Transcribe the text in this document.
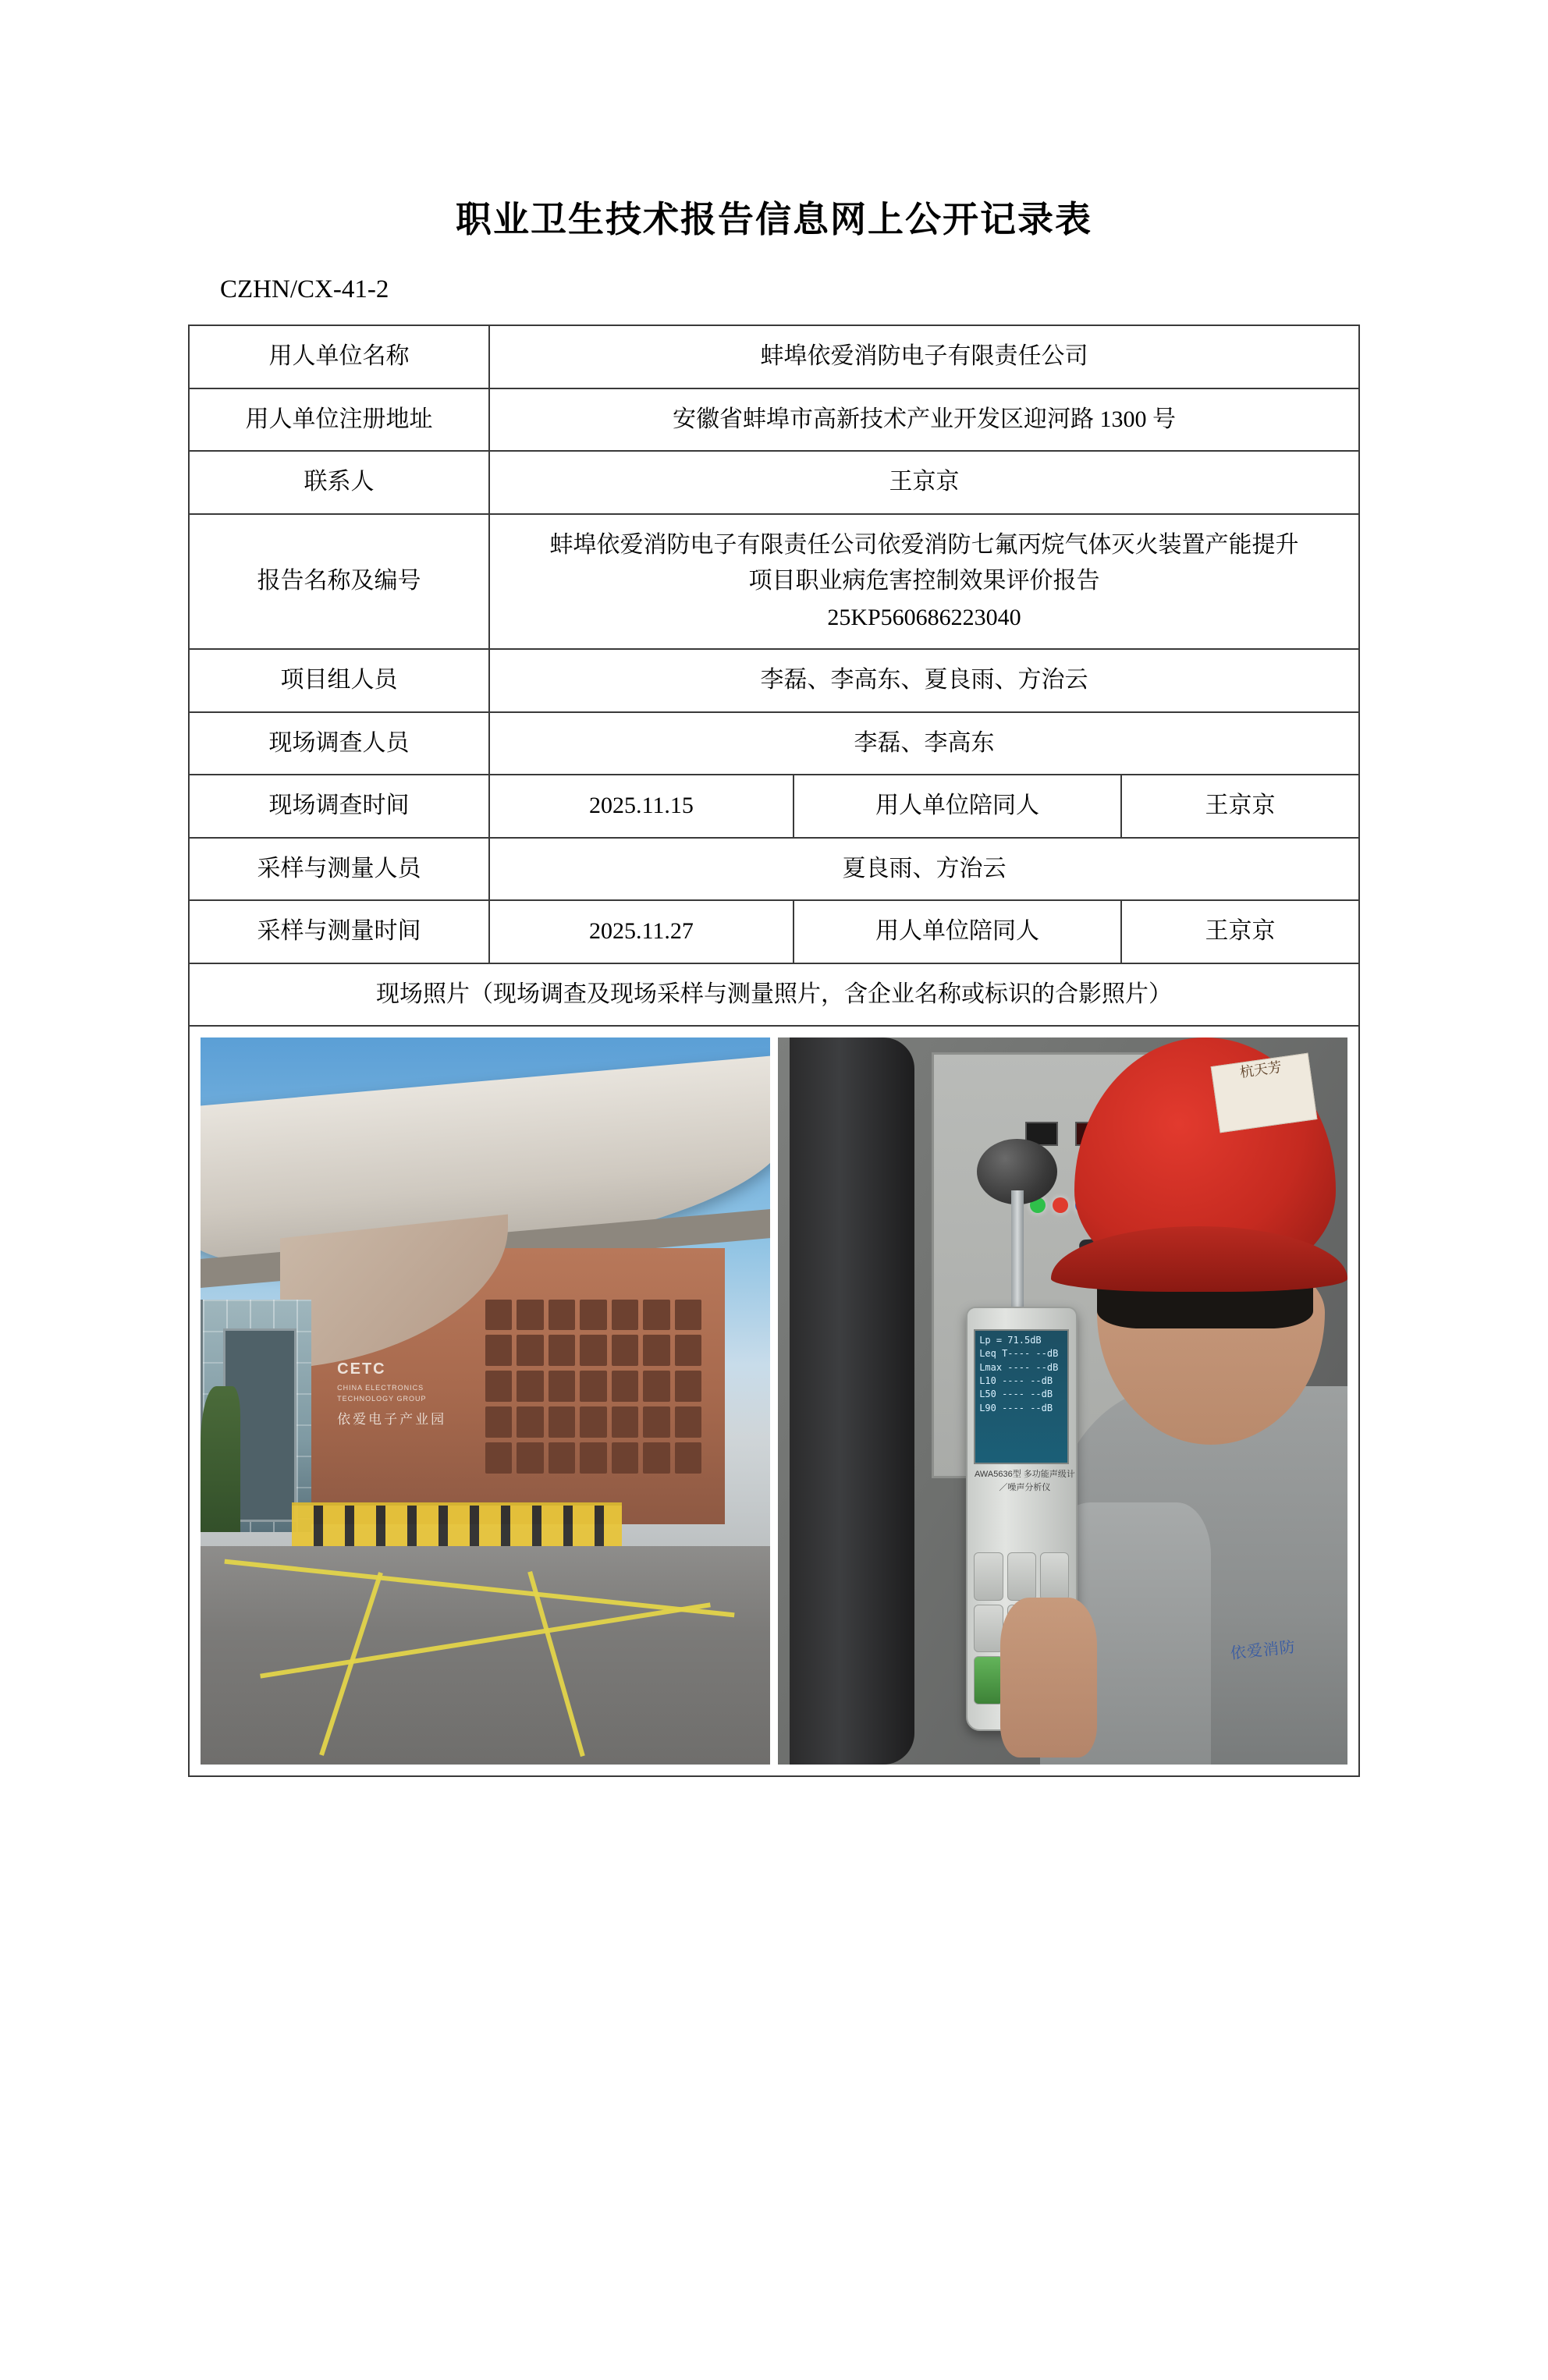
职业卫生技术报告信息网上公开记录表
CZHN/CX-41-2
用人单位名称	蚌埠依爱消防电子有限责任公司		
用人单位注册地址	安徽省蚌埠市高新技术产业开发区迎河路 1300 号		
联系人	王京京		
报告名称及编号	蚌埠依爱消防电子有限责任公司依爱消防七氟丙烷气体灭火装置产能提升
项目职业病危害控制效果评价报告
25KP560686223040		

项目组人员	李磊、李高东、夏良雨、方治云		
现场调查人员	李磊、李高东		
现场调查时间	2025.11.15	用人单位陪同人	王京京
采样与测量人员	夏良雨、方治云		
采样与测量时间	2025.11.27	用人单位陪同人	王京京
现场照片（现场调查及现场采样与测量照片，含企业名称或标识的合影照片）			

CETC
CHINA ELECTRONICS TECHNOLOGY GROUP
依爱电子产业园
杭天芳
Lp = 71.5dB
Leq T---- --dB
Lmax ---- --dB
L10 ---- --dB
L50 ---- --dB
L90 ---- --dB
AWA5636型 多功能声级计／噪声分析仪
依爱消防
